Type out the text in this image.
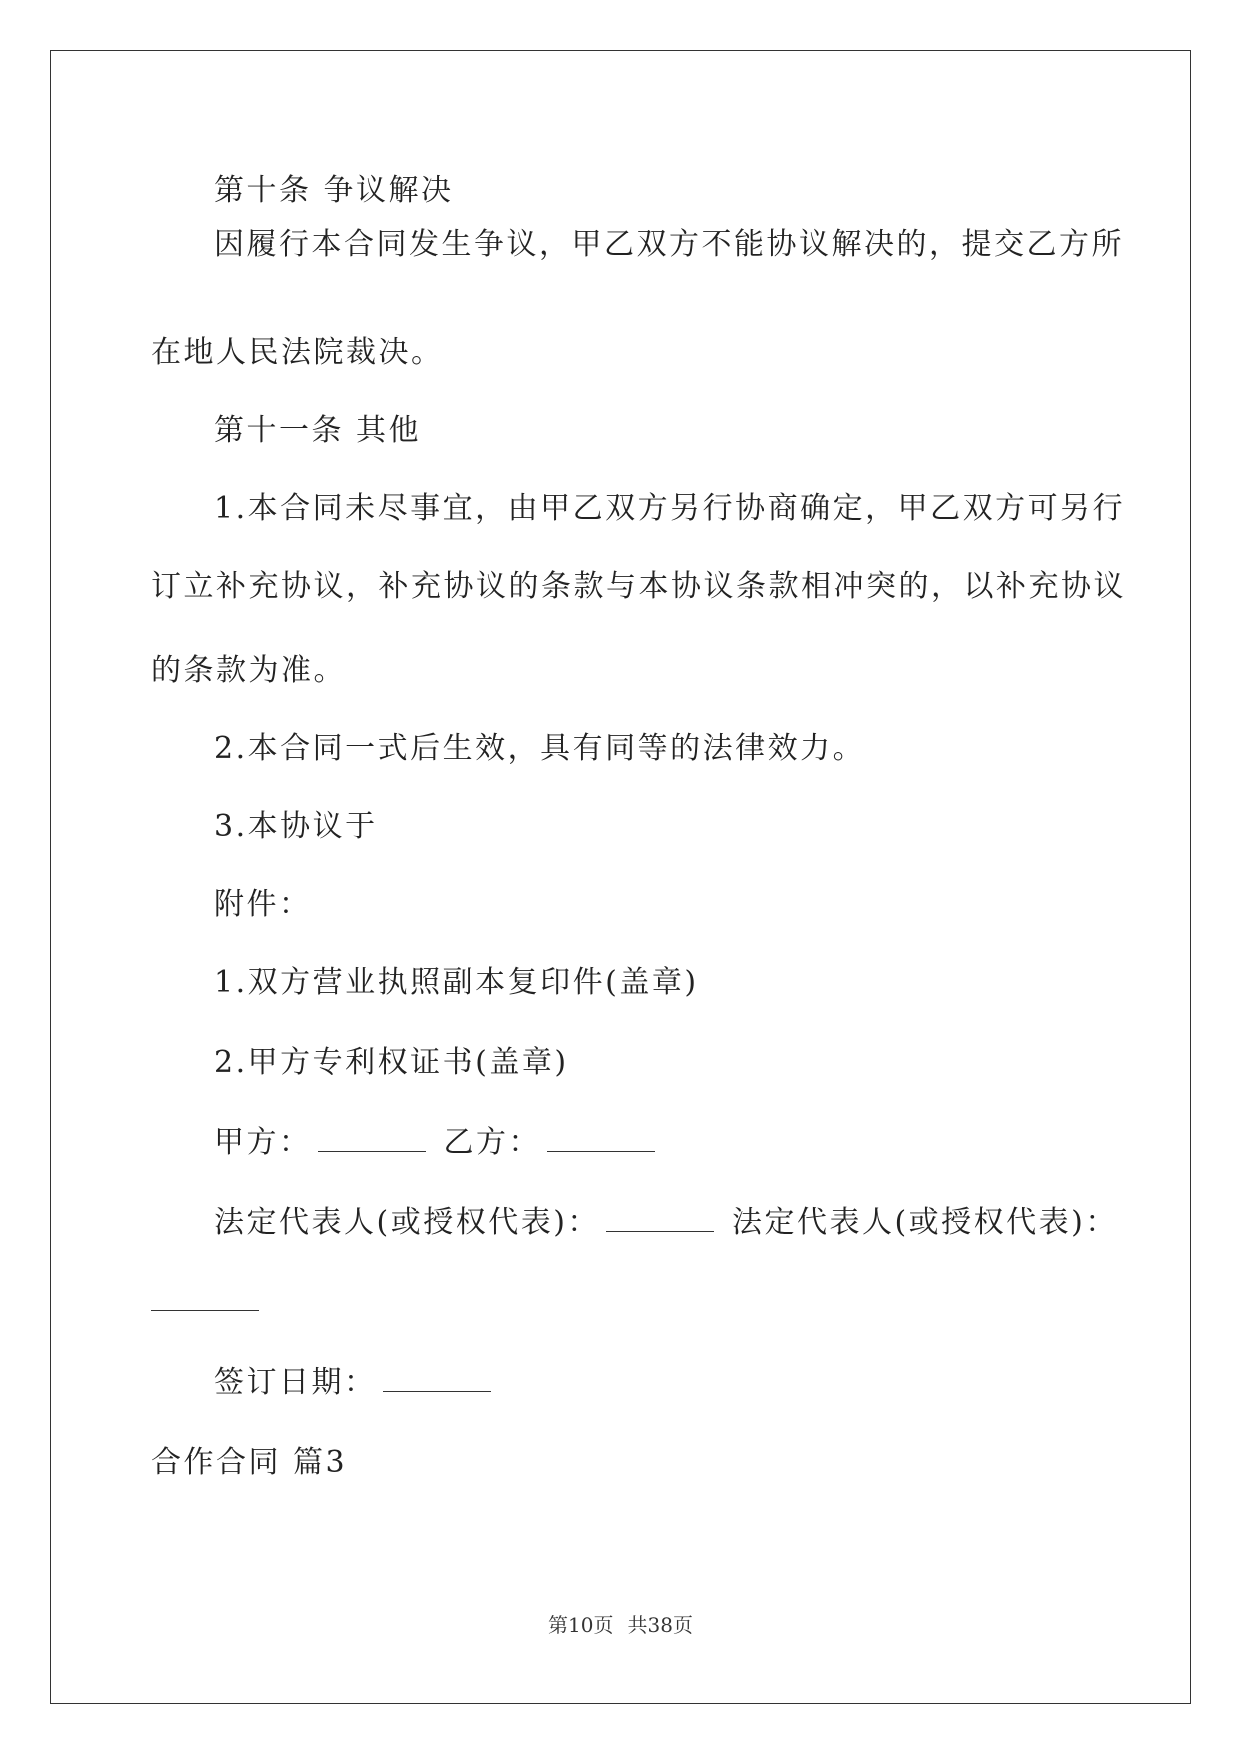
第十条 争议解决
因履行本合同发生争议，甲乙双方不能协议解决的，提交乙方所
在地人民法院裁决。
第十一条 其他
1.本合同未尽事宜，由甲乙双方另行协商确定，甲乙双方可另行
订立补充协议，补充协议的条款与本协议条款相冲突的，以补充协议
的条款为准。
2.本合同一式后生效，具有同等的法律效力。
3.本协议于
附件：
1.双方营业执照副本复印件(盖章)
2.甲方专利权证书(盖章)
甲方：	乙方：
法定代表人(或授权代表)：	法定代表人(或授权代表)：
签订日期：
合作合同 篇3
第10页 共38页
